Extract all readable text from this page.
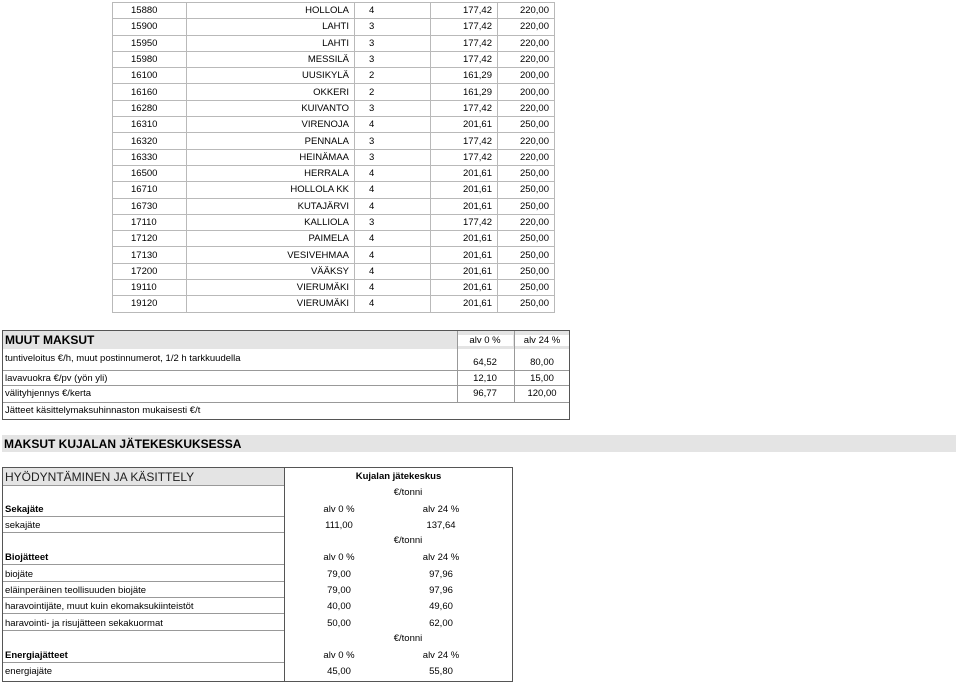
15880	HOLLOLA	4	177,42	220,00
15900	LAHTI	3	177,42	220,00
15950	LAHTI	3	177,42	220,00
15980	MESSILÄ	3	177,42	220,00
16100	UUSIKYLÄ	2	161,29	200,00
16160	OKKERI	2	161,29	200,00
16280	KUIVANTO	3	177,42	220,00
16310	VIRENOJA	4	201,61	250,00
16320	PENNALA	3	177,42	220,00
16330	HEINÄMAA	3	177,42	220,00
16500	HERRALA	4	201,61	250,00
16710	HOLLOLA KK	4	201,61	250,00
16730	KUTAJÄRVI	4	201,61	250,00
17110	KALLIOLA	3	177,42	220,00
17120	PAIMELA	4	201,61	250,00
17130	VESIVEHMAA	4	201,61	250,00
17200	VÄÄKSY	4	201,61	250,00
19110	VIERUMÄKI	4	201,61	250,00
19120	VIERUMÄKI	4	201,61	250,00
MUUT MAKSUT	alv 0 %	alv 24 %
tuntiveloitus €/h, muut postinnumerot, 1/2 h tarkkuudella	64,52	80,00
lavavuokra €/pv (yön yli)	12,10	15,00
välityhjennys €/kerta	96,77	120,00
Jätteet käsittelymaksuhinnaston mukaisesti €/t
MAKSUT KUJALAN JÄTEKESKUKSESSA
HYÖDYNTÄMINEN JA KÄSITTELY	Kujalan jätekeskus
€/tonni
Sekajäte	alv 0 %	alv 24 %
sekajäte	111,00	137,64
€/tonni
Biojätteet	alv 0 %	alv 24 %
biojäte	79,00	97,96
eläinperäinen teollisuuden biojäte	79,00	97,96
haravointijäte, muut kuin ekomaksukiinteistöt	40,00	49,60
haravointi- ja risujätteen sekakuormat	50,00	62,00
€/tonni
Energiajätteet	alv 0 %	alv 24 %
energiajäte	45,00	55,80
